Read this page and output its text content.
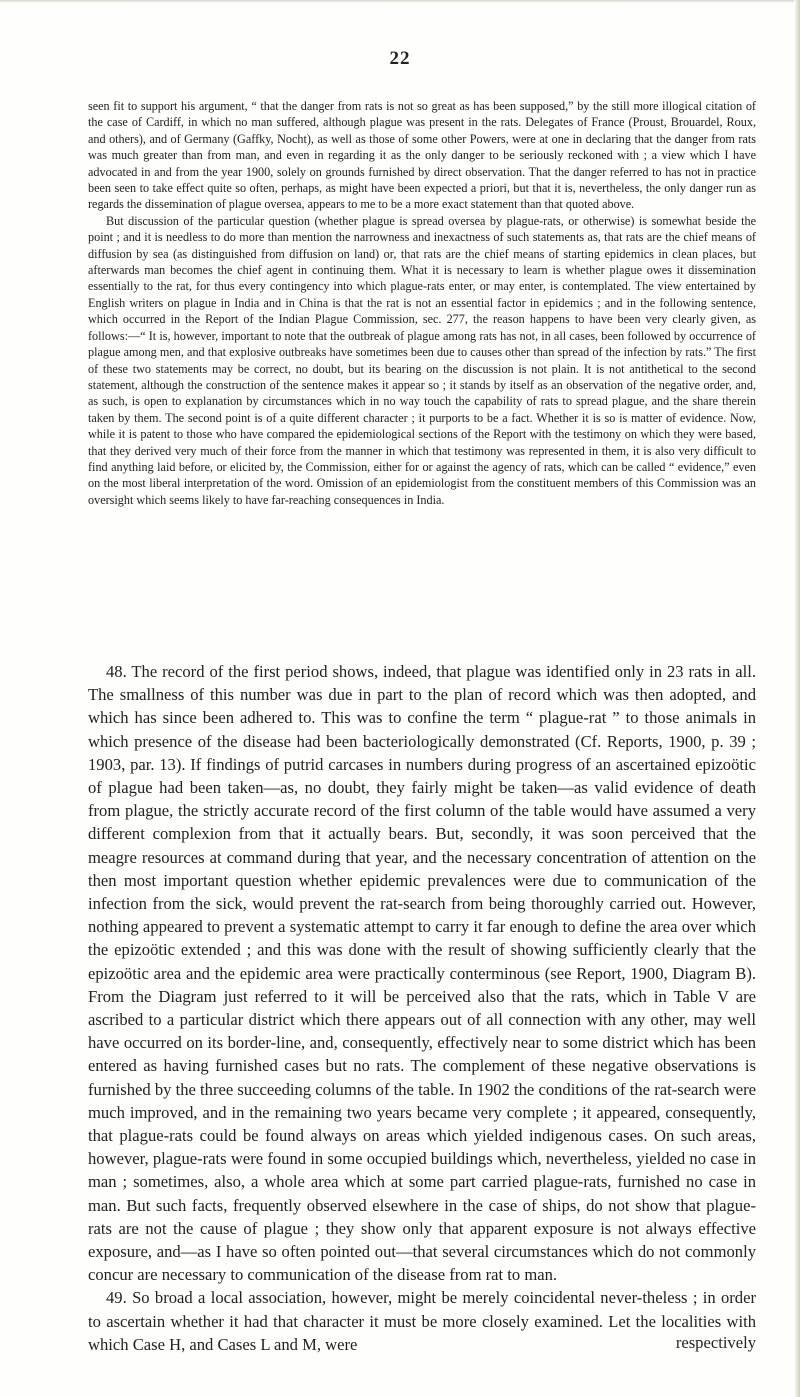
22

seen fit to support his argument, “ that the danger from rats is not so great as has been supposed,” by the still more illogical citation of the case of Cardiff, in which no man suffered, although plague was present in the rats. Delegates of France (Proust, Brouardel, Roux, and others), and of Germany (Gaffky, Nocht), as well as those of some other Powers, were at one in declaring that the danger from rats was much greater than from man, and even in regarding it as the only danger to be seriously reckoned with ; a view which I have advocated in and from the year 1900, solely on grounds furnished by direct observation. That the danger referred to has not in practice been seen to take effect quite so often, perhaps, as might have been expected a priori, but that it is, nevertheless, the only danger run as regards the dissemination of plague oversea, appears to me to be a more exact statement than that quoted above.

But discussion of the particular question (whether plague is spread oversea by plague-rats, or otherwise) is somewhat beside the point ; and it is needless to do more than mention the narrowness and inexactness of such statements as, that rats are the chief means of diffusion by sea (as distinguished from diffusion on land) or, that rats are the chief means of starting epidemics in clean places, but afterwards man becomes the chief agent in continuing them. What it is necessary to learn is whether plague owes it dissemination essentially to the rat, for thus every contingency into which plague-rats enter, or may enter, is contemplated. The view entertained by English writers on plague in India and in China is that the rat is not an essential factor in epidemics ; and in the following sentence, which occurred in the Report of the Indian Plague Commission, sec. 277, the reason happens to have been very clearly given, as follows:—“ It is, however, important to note that the outbreak of plague among rats has not, in all cases, been followed by occurrence of plague among men, and that explosive outbreaks have sometimes been due to causes other than spread of the infection by rats.” The first of these two statements may be correct, no doubt, but its bearing on the discussion is not plain. It is not antithetical to the second statement, although the construction of the sentence makes it appear so ; it stands by itself as an observation of the negative order, and, as such, is open to explanation by circumstances which in no way touch the capability of rats to spread plague, and the share therein taken by them. The second point is of a quite different character ; it purports to be a fact. Whether it is so is matter of evidence. Now, while it is patent to those who have compared the epidemiological sections of the Report with the testimony on which they were based, that they derived very much of their force from the manner in which that testimony was represented in them, it is also very difficult to find anything laid before, or elicited by, the Commission, either for or against the agency of rats, which can be called “ evidence,” even on the most liberal interpretation of the word. Omission of an epidemiologist from the constituent members of this Commission was an oversight which seems likely to have far-reaching consequences in India.

48. The record of the first period shows, indeed, that plague was identified only in 23 rats in all. The smallness of this number was due in part to the plan of record which was then adopted, and which has since been adhered to. This was to confine the term “ plague-rat ” to those animals in which presence of the disease had been bacteriologically demonstrated (Cf. Reports, 1900, p. 39 ; 1903, par. 13). If findings of putrid carcases in numbers during progress of an ascertained epizoötic of plague had been taken—as, no doubt, they fairly might be taken—as valid evidence of death from plague, the strictly accurate record of the first column of the table would have assumed a very different complexion from that it actually bears. But, secondly, it was soon perceived that the meagre resources at command during that year, and the necessary concentration of attention on the then most important question whether epidemic prevalences were due to communication of the infection from the sick, would prevent the rat-search from being thoroughly carried out. However, nothing appeared to prevent a systematic attempt to carry it far enough to define the area over which the epizoötic extended ; and this was done with the result of showing sufficiently clearly that the epizoötic area and the epidemic area were practically conterminous (see Report, 1900, Diagram B). From the Diagram just referred to it will be perceived also that the rats, which in Table V are ascribed to a particular district which there appears out of all connection with any other, may well have occurred on its border-line, and, consequently, effectively near to some district which has been entered as having furnished cases but no rats. The complement of these negative observations is furnished by the three succeeding columns of the table. In 1902 the conditions of the rat-search were much improved, and in the remaining two years became very complete ; it appeared, consequently, that plague-rats could be found always on areas which yielded indigenous cases. On such areas, however, plague-rats were found in some occupied buildings which, nevertheless, yielded no case in man ; sometimes, also, a whole area which at some part carried plague-rats, furnished no case in man. But such facts, frequently observed elsewhere in the case of ships, do not show that plague-rats are not the cause of plague ; they show only that apparent exposure is not always effective exposure, and—as I have so often pointed out—that several circumstances which do not commonly concur are necessary to communication of the disease from rat to man.

49. So broad a local association, however, might be merely coincidental never-theless ; in order to ascertain whether it had that character it must be more closely examined. Let the localities with which Case H, and Cases L and M, were	respectively
